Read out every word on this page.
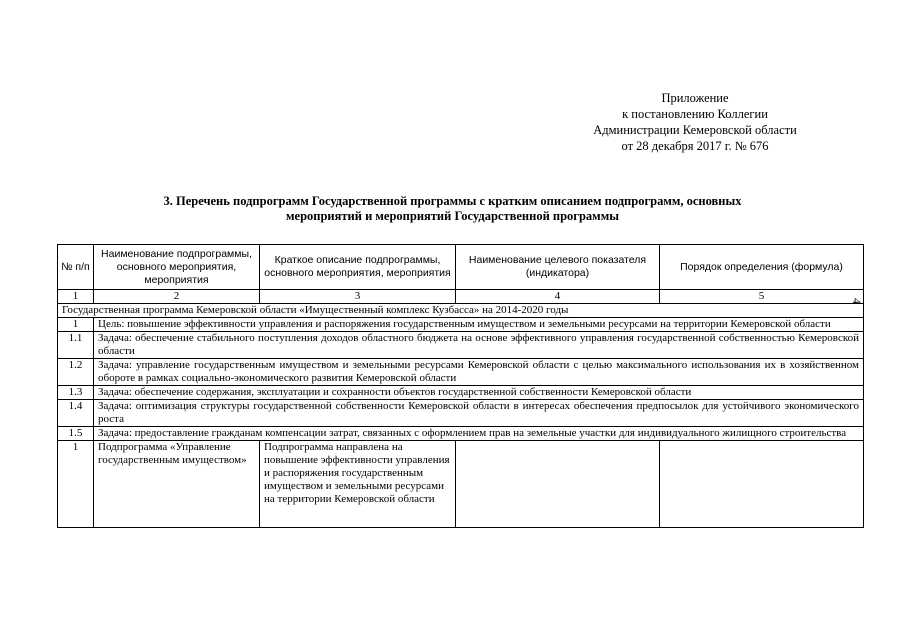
Приложение
к постановлению Коллегии
Администрации Кемеровской области
от 28 декабря 2017 г. № 676
3. Перечень подпрограмм Государственной программы с кратким описанием подпрограмм, основных
мероприятий и мероприятий Государственной программы
4
№ п/п	Наименование подпрограммы, основного мероприятия, мероприятия	Краткое описание подпрограммы, основного мероприятия, мероприятия	Наименование целевого показателя (индикатора)	Порядок определения (формула)
1	2	3	4	5
Государственная программа Кемеровской области «Имущественный комплекс Кузбасса» на 2014-2020 годы				
1	Цель: повышение эффективности управления и распоряжения государственным имуществом и земельными ресурсами на территории Кемеровской области			
1.1	Задача: обеспечение стабильного поступления доходов областного бюджета на основе эффективного управления государственной собственностью Кемеровской области			
1.2	Задача: управление государственным имуществом и земельными ресурсами Кемеровской области с целью максимального использования их в хозяйственном обороте в рамках социально-экономического развития Кемеровской области			
1.3	Задача: обеспечение содержания, эксплуатации и сохранности объектов государственной собственности Кемеровской области			
1.4	Задача: оптимизация структуры государственной собственности Кемеровской области в интересах обеспечения предпосылок для устойчивого экономического роста			
1.5	Задача: предоставление гражданам компенсации затрат, связанных с оформлением прав на земельные участки для индивидуального жилищного строительства			
1	Подпрограмма «Управление государственным имуществом»	Подпрограмма направлена на повышение эффективности управления и распоряжения государственным имуществом и земельными ресурсами на территории Кемеровской области		
